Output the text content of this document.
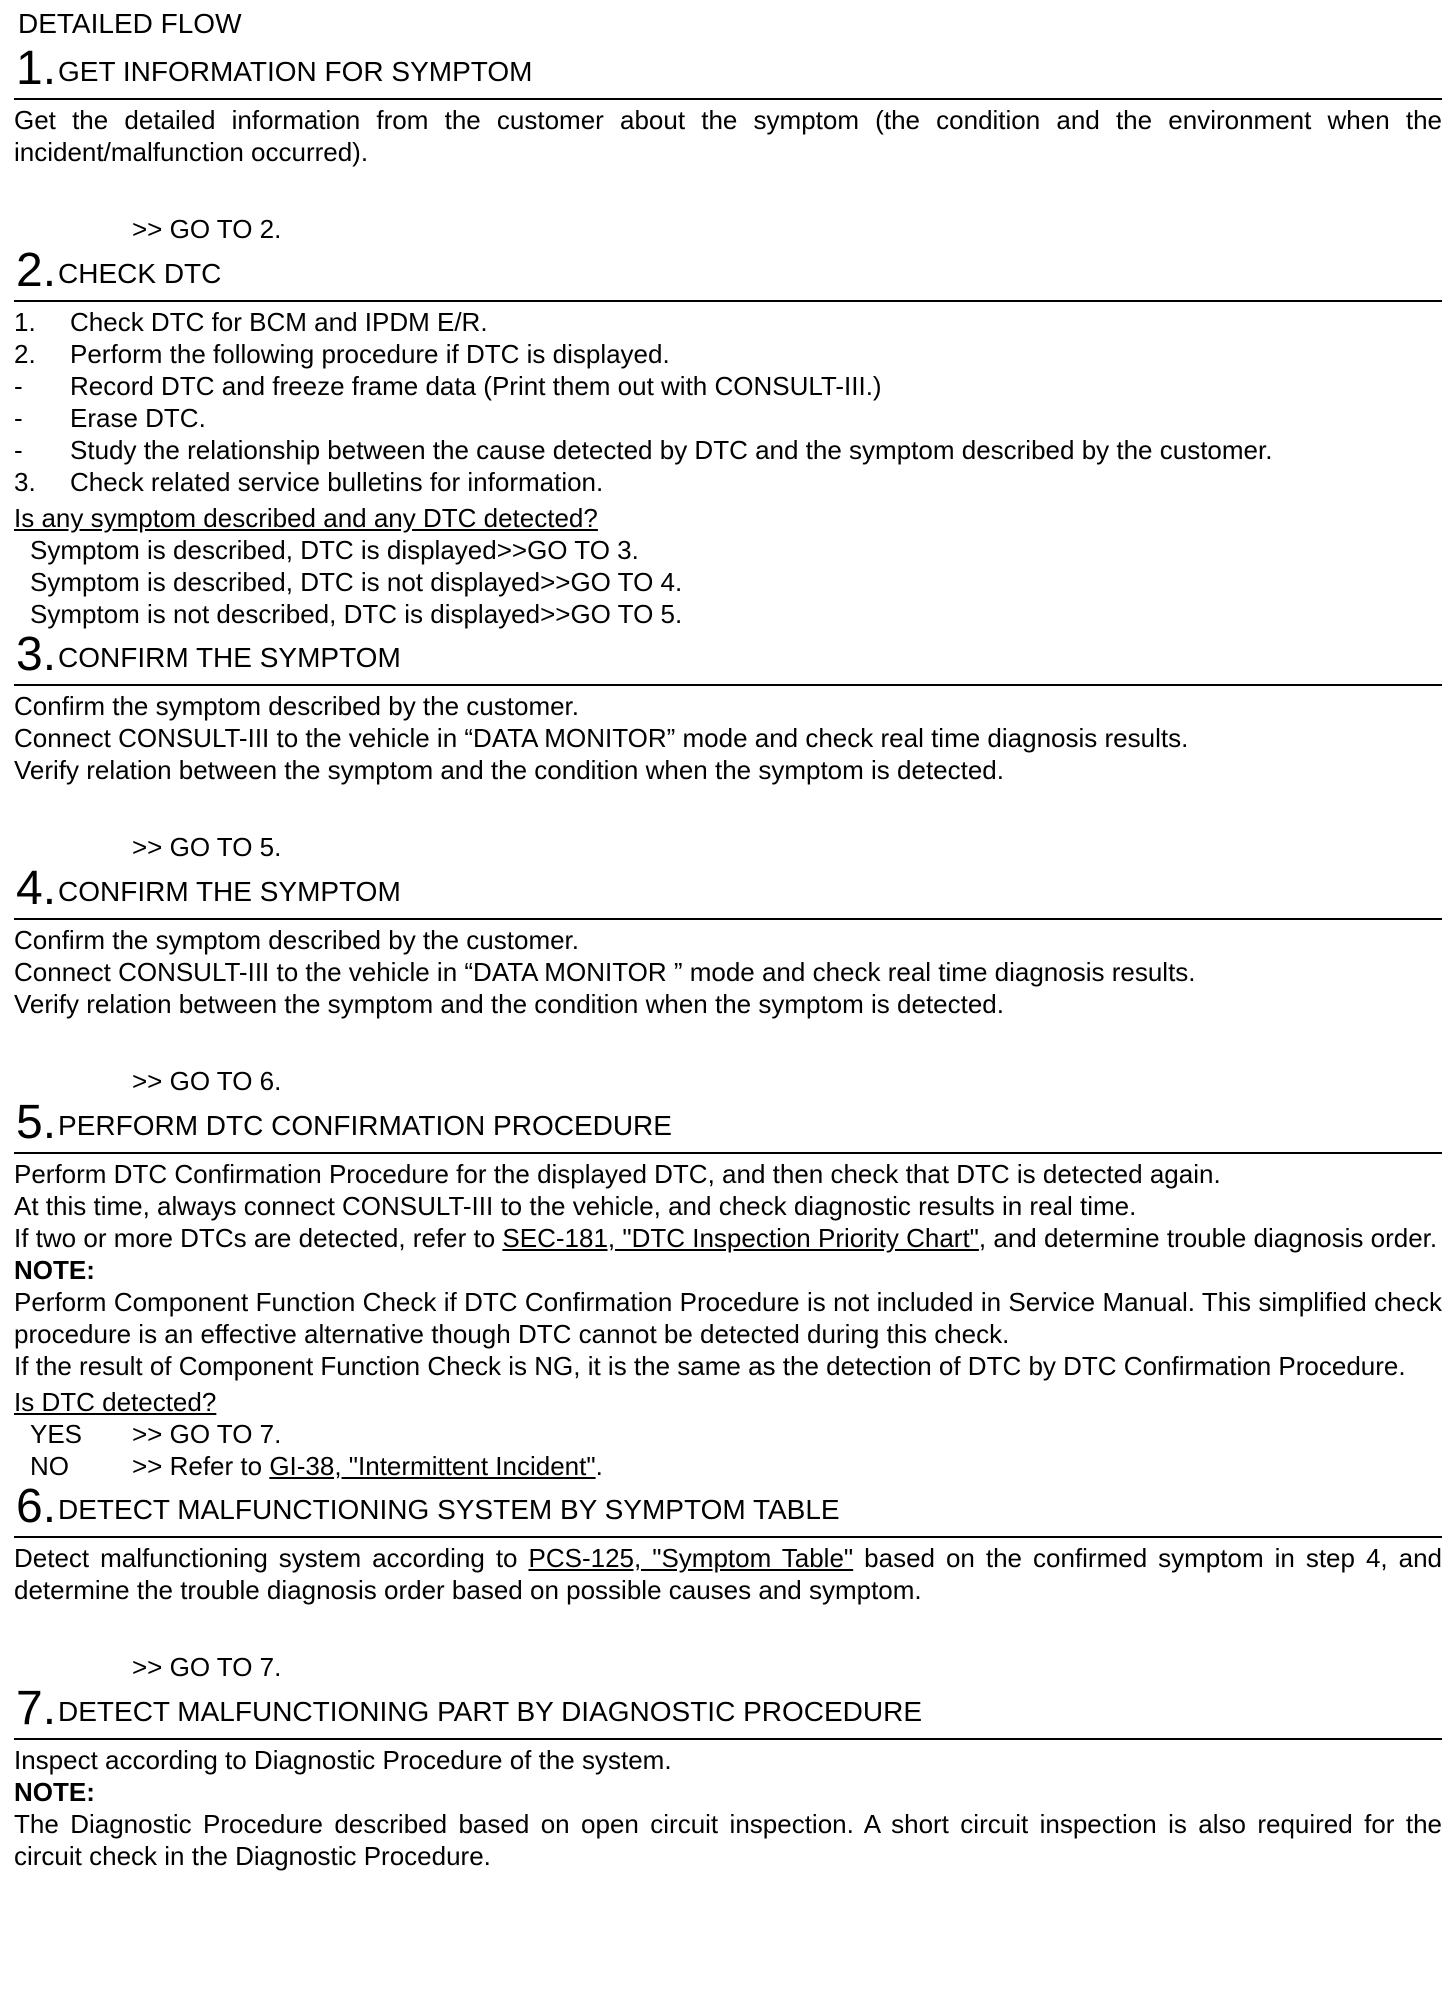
DETAILED FLOW
1. GET INFORMATION FOR SYMPTOM

Get the detailed information from the customer about the symptom (the condition and the environment when the incident/malfunction occurred).

>> GO TO 2.
2. CHECK DTC
1.	Check DTC for BCM and IPDM E/R.
2.	Perform the following procedure if DTC is displayed.
-	Record DTC and freeze frame data (Print them out with CONSULT-III.)
-	Erase DTC.
-	Study the relationship between the cause detected by DTC and the symptom described by the customer.
3.	Check related service bulletins for information.
Is any symptom described and any DTC detected?
Symptom is described, DTC is displayed>>GO TO 3.
Symptom is described, DTC is not displayed>>GO TO 4.
Symptom is not described, DTC is displayed>>GO TO 5.
3. CONFIRM THE SYMPTOM

Confirm the symptom described by the customer.

Connect CONSULT-III to the vehicle in “DATA MONITOR” mode and check real time diagnosis results.

Verify relation between the symptom and the condition when the symptom is detected.

>> GO TO 5.
4. CONFIRM THE SYMPTOM

Confirm the symptom described by the customer.

Connect CONSULT-III to the vehicle in “DATA MONITOR ” mode and check real time diagnosis results.

Verify relation between the symptom and the condition when the symptom is detected.

>> GO TO 6.
5. PERFORM DTC CONFIRMATION PROCEDURE

Perform DTC Confirmation Procedure for the displayed DTC, and then check that DTC is detected again.

At this time, always connect CONSULT-III to the vehicle, and check diagnostic results in real time.

If two or more DTCs are detected, refer to SEC-181, "DTC Inspection Priority Chart", and determine trouble diagnosis order.

NOTE:

Perform Component Function Check if DTC Confirmation Procedure is not included in Service Manual. This simplified check procedure is an effective alternative though DTC cannot be detected during this check.

If the result of Component Function Check is NG, it is the same as the detection of DTC by DTC Confirmation Procedure.

Is DTC detected?
YES	>> GO TO 7.
NO	>> Refer to GI-38, "Intermittent Incident".
6. DETECT MALFUNCTIONING SYSTEM BY SYMPTOM TABLE

Detect malfunctioning system according to PCS-125, "Symptom Table" based on the confirmed symptom in step 4, and determine the trouble diagnosis order based on possible causes and symptom.

>> GO TO 7.
7. DETECT MALFUNCTIONING PART BY DIAGNOSTIC PROCEDURE

Inspect according to Diagnostic Procedure of the system.

NOTE:

The Diagnostic Procedure described based on open circuit inspection. A short circuit inspection is also required for the circuit check in the Diagnostic Procedure.
